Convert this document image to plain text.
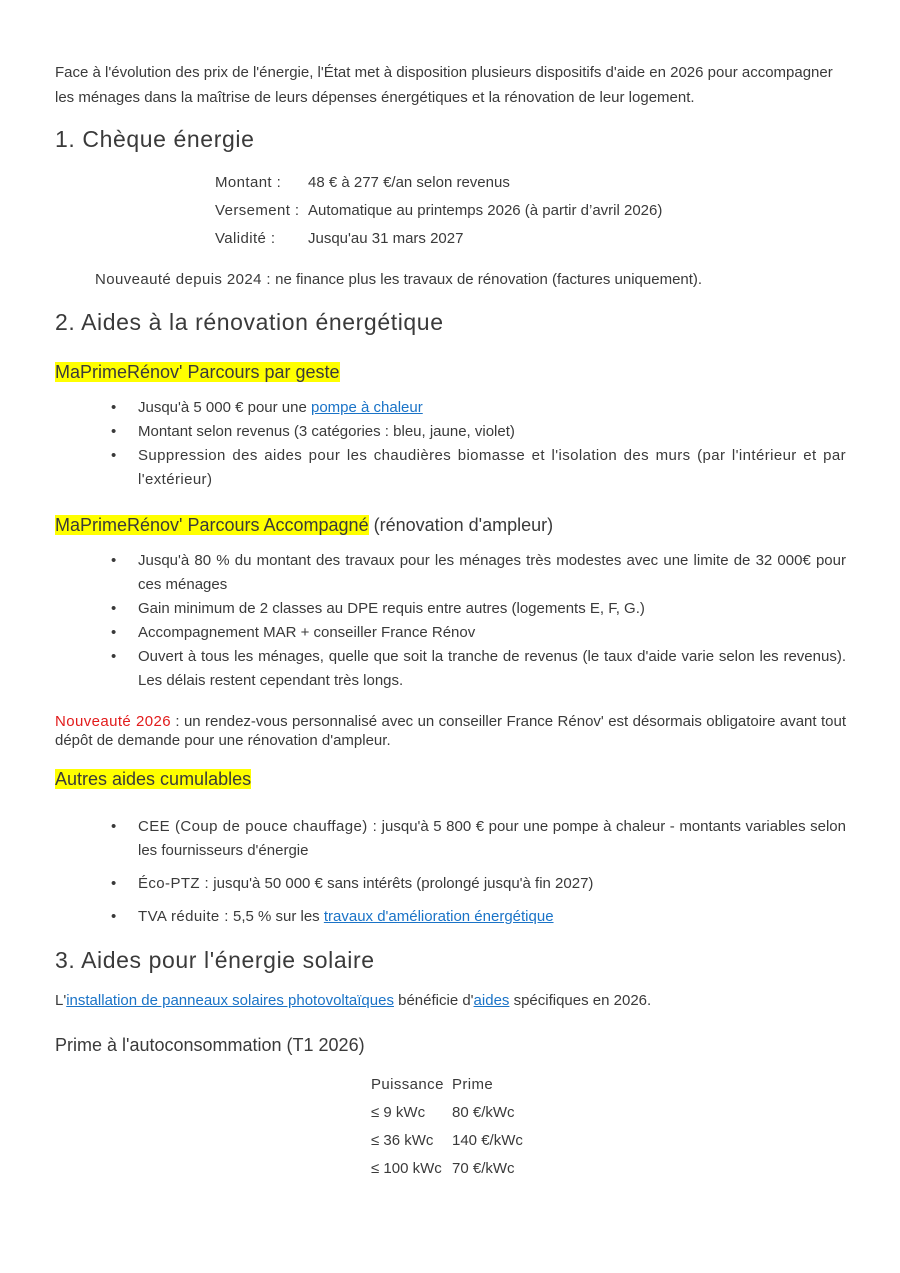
Face à l'évolution des prix de l'énergie, l'État met à disposition plusieurs dispositifs d'aide en 2026 pour accompagner les ménages dans la maîtrise de leurs dépenses énergétiques et la rénovation de leur logement.

1. Chèque énergie
Montant :	48 € à 277 €/an selon revenus
Versement : Automatique au printemps 2026 (à partir d’avril 2026)
Validité :	Jusqu'au 31 mars 2027

Nouveauté depuis 2024 : ne finance plus les travaux de rénovation (factures uniquement).

2. Aides à la rénovation énergétique
MaPrimeRénov' Parcours par geste
• Jusqu'à 5 000 € pour une pompe à chaleur
• Montant selon revenus (3 catégories : bleu, jaune, violet)
• Suppression des aides pour les chaudières biomasse et l'isolation des murs (par l'intérieur et par l'extérieur)
MaPrimeRénov' Parcours Accompagné (rénovation d'ampleur)
• Jusqu'à 80 % du montant des travaux pour les ménages très modestes avec une limite de 32 000€ pour ces ménages
• Gain minimum de 2 classes au DPE requis entre autres (logements E, F, G.)
• Accompagnement MAR + conseiller France Rénov
• Ouvert à tous les ménages, quelle que soit la tranche de revenus (le taux d'aide varie selon les revenus). Les délais restent cependant très longs.

Nouveauté 2026 : un rendez-vous personnalisé avec un conseiller France Rénov' est désormais obligatoire avant tout dépôt de demande pour une rénovation d'ampleur.

Autres aides cumulables
• CEE (Coup de pouce chauffage) : jusqu'à 5 800 € pour une pompe à chaleur - montants variables selon les fournisseurs d'énergie
• Éco-PTZ : jusqu'à 50 000 € sans intérêts (prolongé jusqu'à fin 2027)
• TVA réduite : 5,5 % sur les travaux d'amélioration énergétique
3. Aides pour l'énergie solaire

L'installation de panneaux solaires photovoltaïques bénéficie d'aides spécifiques en 2026.

Prime à l'autoconsommation (T1 2026)
Puissance	Prime
≤ 9 kWc	80 €/kWc
≤ 36 kWc	140 €/kWc
≤ 100 kWc	70 €/kWc
